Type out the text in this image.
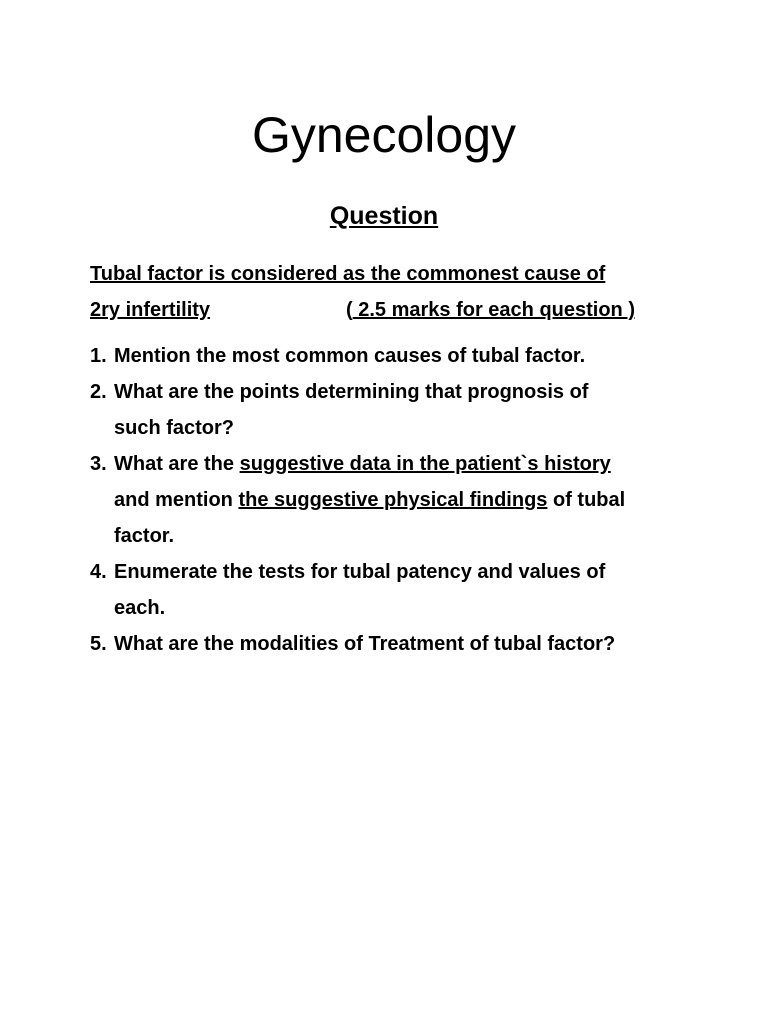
Gynecology
Question
Tubal factor is considered as the commonest cause of
2ry infertility	( 2.5 marks for each question )
1. Mention the most common causes of tubal factor.
2. What are the points determining that prognosis of
such factor?
3. What are the suggestive data in the patient`s history
and mention the suggestive physical findings of tubal
factor.
4. Enumerate the tests for tubal patency and values of
each.
5. What are the modalities of Treatment of tubal factor?
